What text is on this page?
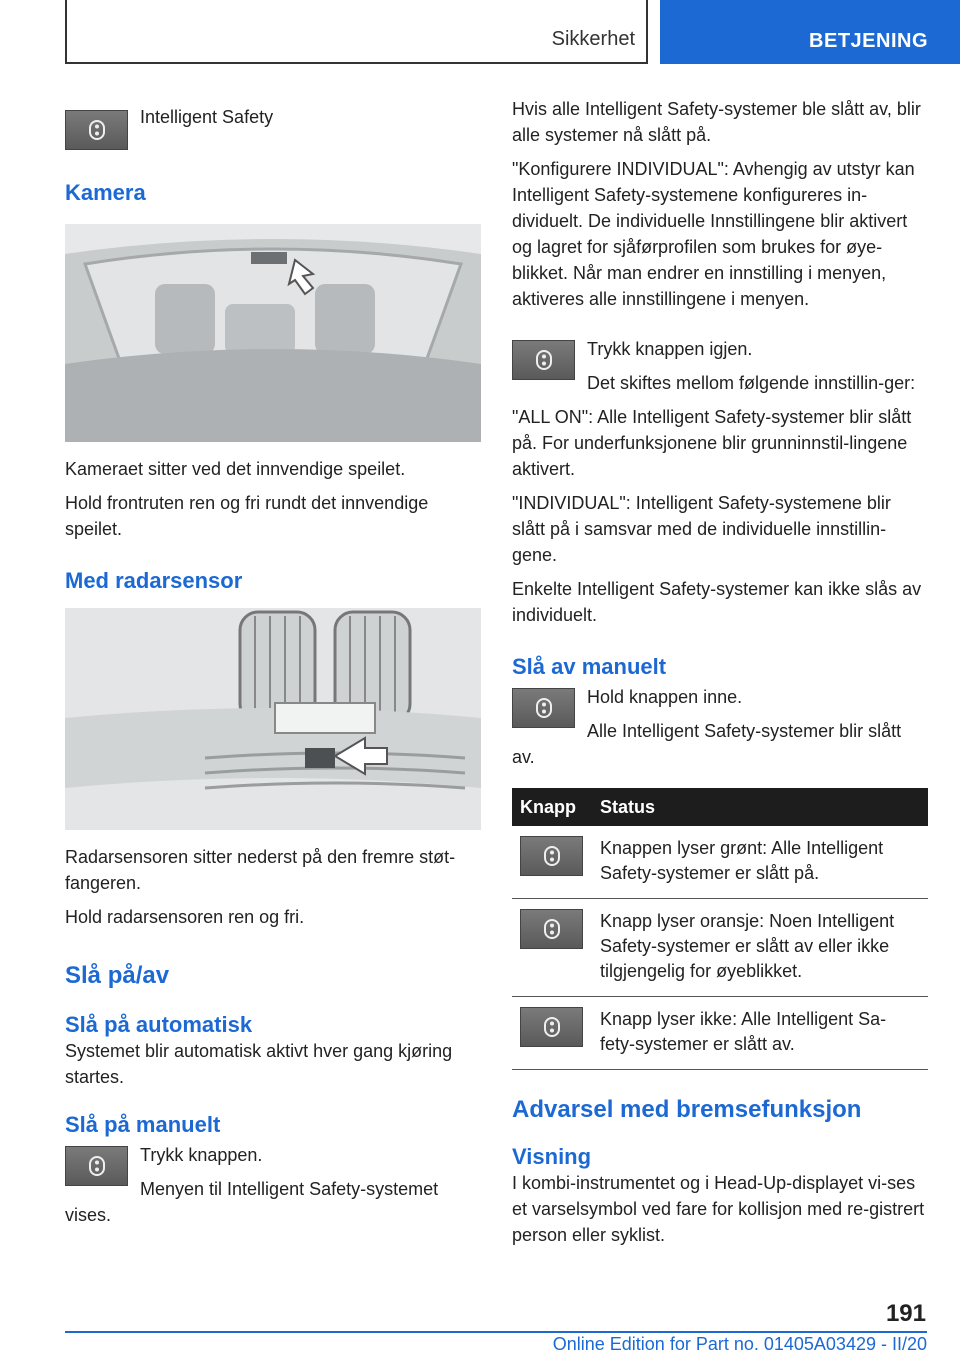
Sikkerhet	BETJENING

Intelligent Safety

Kamera

Kameraet sitter ved det innvendige speilet.

Hold frontruten ren og fri rundt det innvendige speilet.

Med radarsensor

Radarsensoren sitter nederst på den fremre støt-fangeren.

Hold radarsensoren ren og fri.

Slå på/av
Slå på automatisk

Systemet blir automatisk aktivt hver gang kjøring startes.

Slå på manuelt

Trykk knappen.

Menyen til Intelligent Safety-systemet vises.

Hvis alle Intelligent Safety-systemer ble slått av, blir alle systemer nå slått på.

"Konfigurere INDIVIDUAL": Avhengig av utstyr kan Intelligent Safety-systemene konfigureres in-dividuelt. De individuelle Innstillingene blir aktivert og lagret for sjåførprofilen som brukes for øye-blikket. Når man endrer en innstilling i menyen, aktiveres alle innstillingene i menyen.

Trykk knappen igjen.

Det skiftes mellom følgende innstillin-ger:

"ALL ON": Alle Intelligent Safety-systemer blir slått på. For underfunksjonene blir grunninnstil-lingene aktivert.

"INDIVIDUAL": Intelligent Safety-systemene blir slått på i samsvar med de individuelle innstillin-gene.

Enkelte Intelligent Safety-systemer kan ikke slås av individuelt.

Slå av manuelt

Hold knappen inne.

Alle Intelligent Safety-systemer blir slått av.

Knapp	Status

	Knappen lyser grønt: Alle Intelligent Safety-systemer er slått på.

	Knapp lyser oransje: Noen Intelligent Safety-systemer er slått av eller ikke tilgjengelig for øyeblikket.

	Knapp lyser ikke: Alle Intelligent Sa-fety-systemer er slått av.
Advarsel med bremsefunksjon
Visning

I kombi-instrumentet og i Head-Up-displayet vi-ses et varselsymbol ved fare for kollisjon med re-gistrert person eller syklist.

191
Online Edition for Part no. 01405A03429 - II/20
